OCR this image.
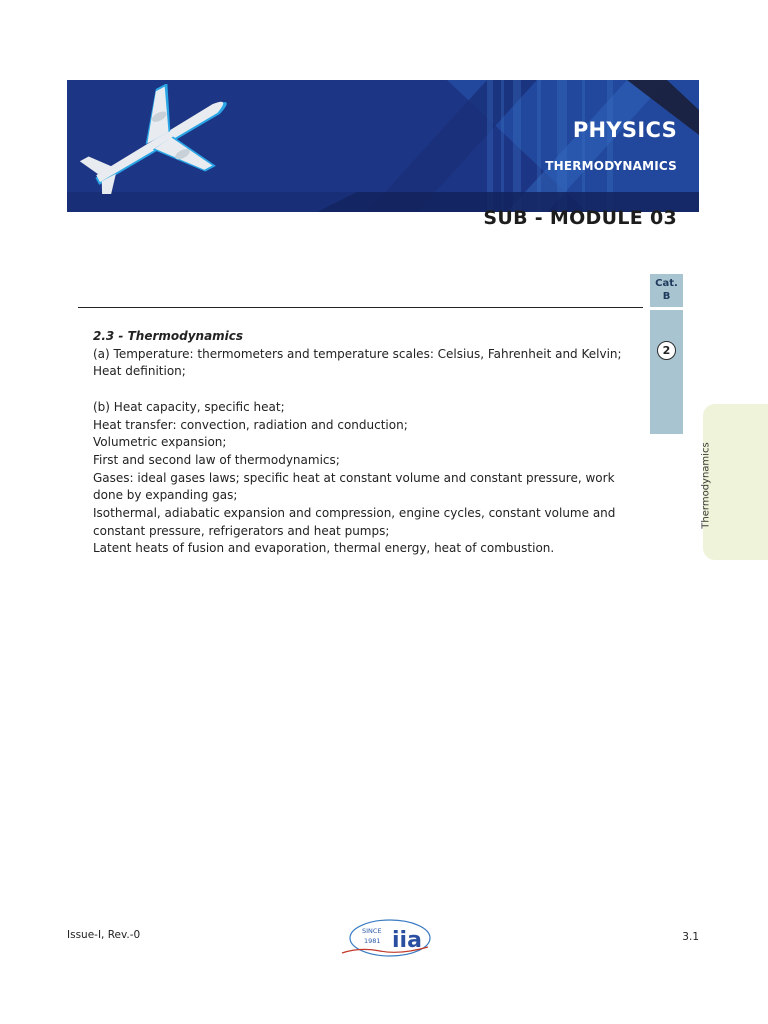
PHYSICS
THERMODYNAMICS
SUB - MODULE 03
Cat.
B
2
Thermodynamics

2.3 - Thermodynamics

(a) Temperature: thermometers and temperature scales: Celsius, Fahrenheit and Kelvin;

Heat definition;

(b) Heat capacity, specific heat;

Heat transfer: convection, radiation and conduction;

Volumetric expansion;

First and second law of thermodynamics;

Gases: ideal gases laws; specific heat at constant volume and constant pressure, work

done by expanding gas;

Isothermal, adiabatic expansion and compression, engine cycles, constant volume and

constant pressure, refrigerators and heat pumps;

Latent heats of fusion and evaporation, thermal energy, heat of combustion.

Issue-I, Rev.-0	SINCE
1981 iia	3.1
